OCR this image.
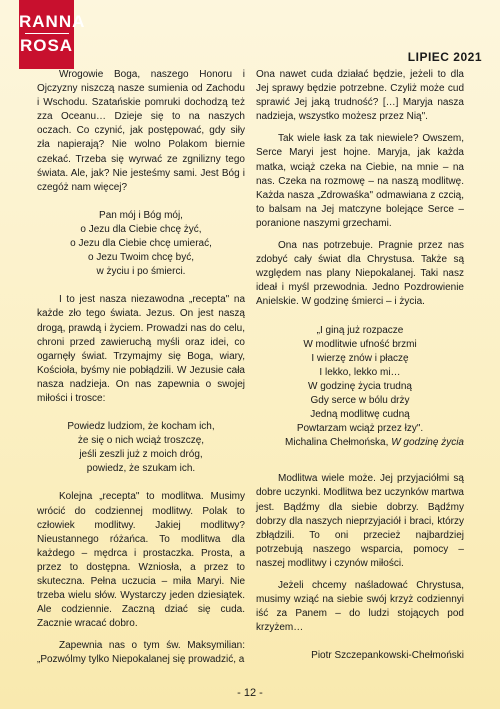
RANNA
ROSA
LIPIEC 2021

Wrogowie Boga, naszego Honoru i Ojczyzny niszczą nasze sumienia od Zachodu i Wschodu. Szatańskie pomruki dochodzą też zza Oceanu… Dzieje się to na naszych oczach. Co czynić, jak postępować, gdy siły zła napierają? Nie wolno Polakom biernie czekać. Trzeba się wyrwać ze zgnilizny tego świata. Ale, jak? Nie jesteśmy sami. Jest Bóg i czegóż nam więcej?

Pan mój i Bóg mój,

o Jezu dla Ciebie chcę żyć,

o Jezu dla Ciebie chcę umierać,

o Jezu Twoim chcę być,

w życiu i po śmierci.

I to jest nasza niezawodna „recepta" na każde zło tego świata. Jezus. On jest naszą drogą, prawdą i życiem. Prowadzi nas do celu, chroni przed zawieruchą myśli oraz idei, co ogarnęły świat. Trzymajmy się Boga, wiary, Kościoła, byśmy nie pobłądzili. W Jezusie cała nasza nadzieja. On nas zapewnia o swojej miłości i trosce:

Powiedz ludziom, że kocham ich,

że się o nich wciąż troszczę,

jeśli zeszli już z moich dróg,

powiedz, że szukam ich.

Kolejna „recepta" to modlitwa. Musimy wrócić do codziennej modlitwy. Polak to człowiek modlitwy. Jakiej modlitwy? Nieustannego różańca. To modlitwa dla każdego – mędrca i prostaczka. Prosta, a przez to dostępna. Wzniosła, a przez to skuteczna. Pełna uczucia – miła Maryi. Nie trzeba wielu słów. Wystarczy jeden dziesiątek. Ale codziennie. Zaczną dziać się cuda. Zacznie wracać dobro.

Zapewnia nas o tym św. Maksymilian: „Pozwólmy tylko Niepokalanej się prowadzić, a

Ona nawet cuda działać będzie, jeżeli to dla Jej sprawy będzie potrzebne. Czyliż może cud sprawić Jej jaką trudność? […] Maryja nasza nadzieja, wszystko możesz przez Nią".

Tak wiele łask za tak niewiele? Owszem, Serce Maryi jest hojne. Maryja, jak każda matka, wciąż czeka na Ciebie, na mnie – na nas. Czeka na rozmowę – na naszą modlitwę. Każda nasza „Zdrowaśka" odmawiana z czcią, to balsam na Jej matczyne bolejące Serce – poranione naszymi grzechami.

Ona nas potrzebuje. Pragnie przez nas zdobyć cały świat dla Chrystusa. Także są względem nas plany Niepokalanej. Taki nasz ideał i myśl przewodnia. Jedno Pozdrowienie Anielskie. W godzinę śmierci – i życia.

„I giną już rozpacze

W modlitwie ufność brzmi

I wierzę znów i płaczę

I lekko, lekko mi…

W godzinę życia trudną

Gdy serce w bólu drży

Jedną modlitwę cudną

Powtarzam wciąż przez łzy".

Michalina Chełmońska, W godzinę życia

Modlitwa wiele może. Jej przyjaciółmi są dobre uczynki. Modlitwa bez uczynków martwa jest. Bądźmy dla siebie dobrzy. Bądźmy dobrzy dla naszych nieprzyjaciół i braci, którzy zbłądzili. To oni przecież najbardziej potrzebują naszego wsparcia, pomocy – naszej modlitwy i czynów miłości.

Jeżeli chcemy naśladować Chrystusa, musimy wziąć na siebie swój krzyż codziennyi iść za Panem – do ludzi stojących pod krzyżem…

Piotr Szczepankowski-Chełmoński

- 12 -
